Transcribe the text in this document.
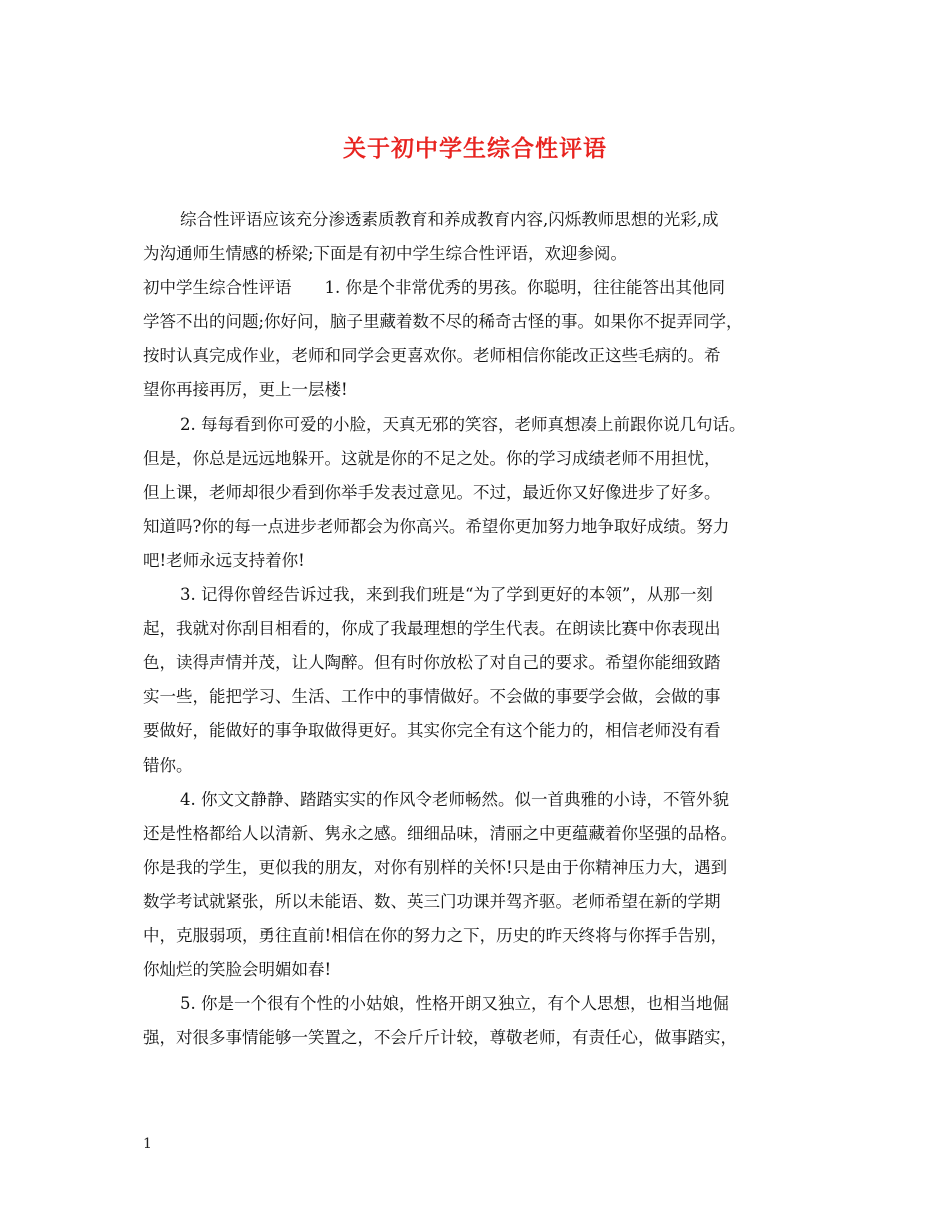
关于初中学生综合性评语
综合性评语应该充分渗透素质教育和养成教育内容,闪烁教师思想的光彩,成
为沟通师生情感的桥梁;下面是有初中学生综合性评语，欢迎参阅。
初中学生综合性评语　　1. 你是个非常优秀的男孩。你聪明，往往能答出其他同
学答不出的问题;你好问，脑子里藏着数不尽的稀奇古怪的事。如果你不捉弄同学，
按时认真完成作业，老师和同学会更喜欢你。老师相信你能改正这些毛病的。希
望你再接再厉，更上一层楼!
2. 每每看到你可爱的小脸，天真无邪的笑容，老师真想凑上前跟你说几句话。
但是，你总是远远地躲开。这就是你的不足之处。你的学习成绩老师不用担忧，
但上课，老师却很少看到你举手发表过意见。不过，最近你又好像进步了好多。
知道吗?你的每一点进步老师都会为你高兴。希望你更加努力地争取好成绩。努力
吧!老师永远支持着你!
3. 记得你曾经告诉过我，来到我们班是“为了学到更好的本领”，从那一刻
起，我就对你刮目相看的，你成了我最理想的学生代表。在朗读比赛中你表现出
色，读得声情并茂，让人陶醉。但有时你放松了对自己的要求。希望你能细致踏
实一些，能把学习、生活、工作中的事情做好。不会做的事要学会做，会做的事
要做好，能做好的事争取做得更好。其实你完全有这个能力的，相信老师没有看
错你。
4. 你文文静静、踏踏实实的作风令老师畅然。似一首典雅的小诗，不管外貌
还是性格都给人以清新、隽永之感。细细品味，清丽之中更蕴藏着你坚强的品格。
你是我的学生，更似我的朋友，对你有别样的关怀!只是由于你精神压力大，遇到
数学考试就紧张，所以未能语、数、英三门功课并驾齐驱。老师希望在新的学期
中，克服弱项，勇往直前!相信在你的努力之下，历史的昨天终将与你挥手告别，
你灿烂的笑脸会明媚如春!
5. 你是一个很有个性的小姑娘，性格开朗又独立，有个人思想，也相当地倔
强，对很多事情能够一笑置之，不会斤斤计较，尊敬老师，有责任心，做事踏实，
1
